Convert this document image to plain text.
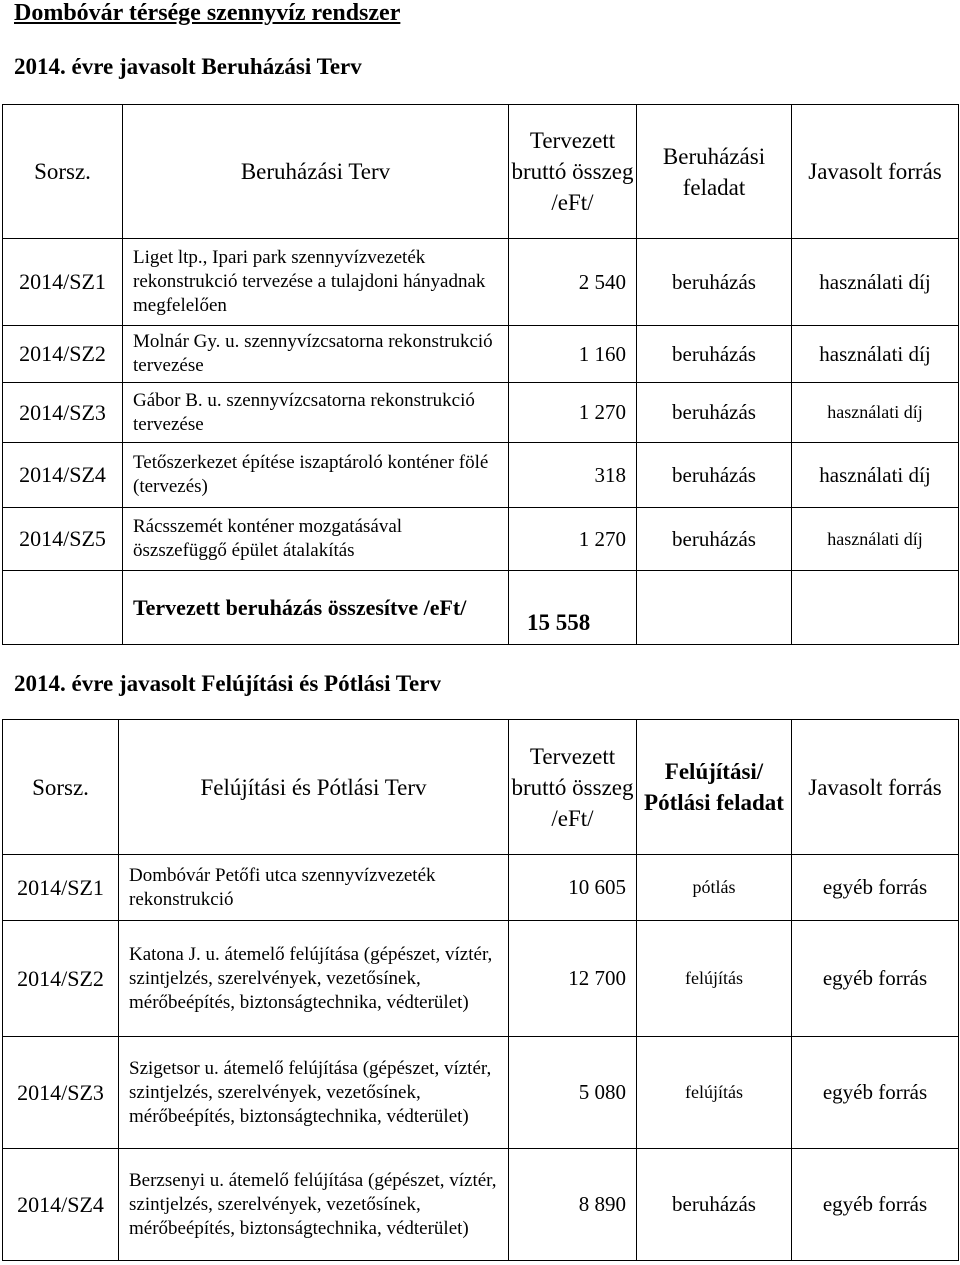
Dombóvár térsége szennyvíz rendszer
2014. évre javasolt Beruházási Terv
Sorsz.	Beruházási Terv	Tervezett bruttó összeg /eFt/	Beruházási feladat	Javasolt forrás
2014/SZ1	Liget ltp., Ipari park szennyvízvezeték rekonstrukció tervezése a tulajdoni hányadnak megfelelően	2 540	beruházás	használati díj
2014/SZ2	Molnár Gy. u. szennyvízcsatorna rekonstrukció tervezése	1 160	beruházás	használati díj
2014/SZ3	Gábor B. u. szennyvízcsatorna rekonstrukció tervezése	1 270	beruházás	használati díj
2014/SZ4	Tetőszerkezet építése iszaptároló konténer fölé (tervezés)	318	beruházás	használati díj
2014/SZ5	Rácsszemét konténer mozgatásával öszszefüggő épület átalakítás	1 270	beruházás	használati díj
	Tervezett beruházás összesítve /eFt/	15 558		
2014. évre javasolt Felújítási és Pótlási Terv
Sorsz.	Felújítási és Pótlási Terv	Tervezett bruttó összeg /eFt/	Felújítási/ Pótlási feladat	Javasolt forrás
2014/SZ1	Dombóvár Petőfi utca szennyvízvezeték rekonstrukció	10 605	pótlás	egyéb forrás
2014/SZ2	Katona J. u. átemelő felújítása (gépészet, víztér, szintjelzés, szerelvények, vezetősínek, mérőbeépítés, biztonságtechnika, védterület)	12 700	felújítás	egyéb forrás
2014/SZ3	Szigetsor u. átemelő felújítása (gépészet, víztér, szintjelzés, szerelvények, vezetősínek, mérőbeépítés, biztonságtechnika, védterület)	5 080	felújítás	egyéb forrás
2014/SZ4	Berzsenyi u. átemelő felújítása (gépészet, víztér, szintjelzés, szerelvények, vezetősínek, mérőbeépítés, biztonságtechnika, védterület)	8 890	beruházás	egyéb forrás
